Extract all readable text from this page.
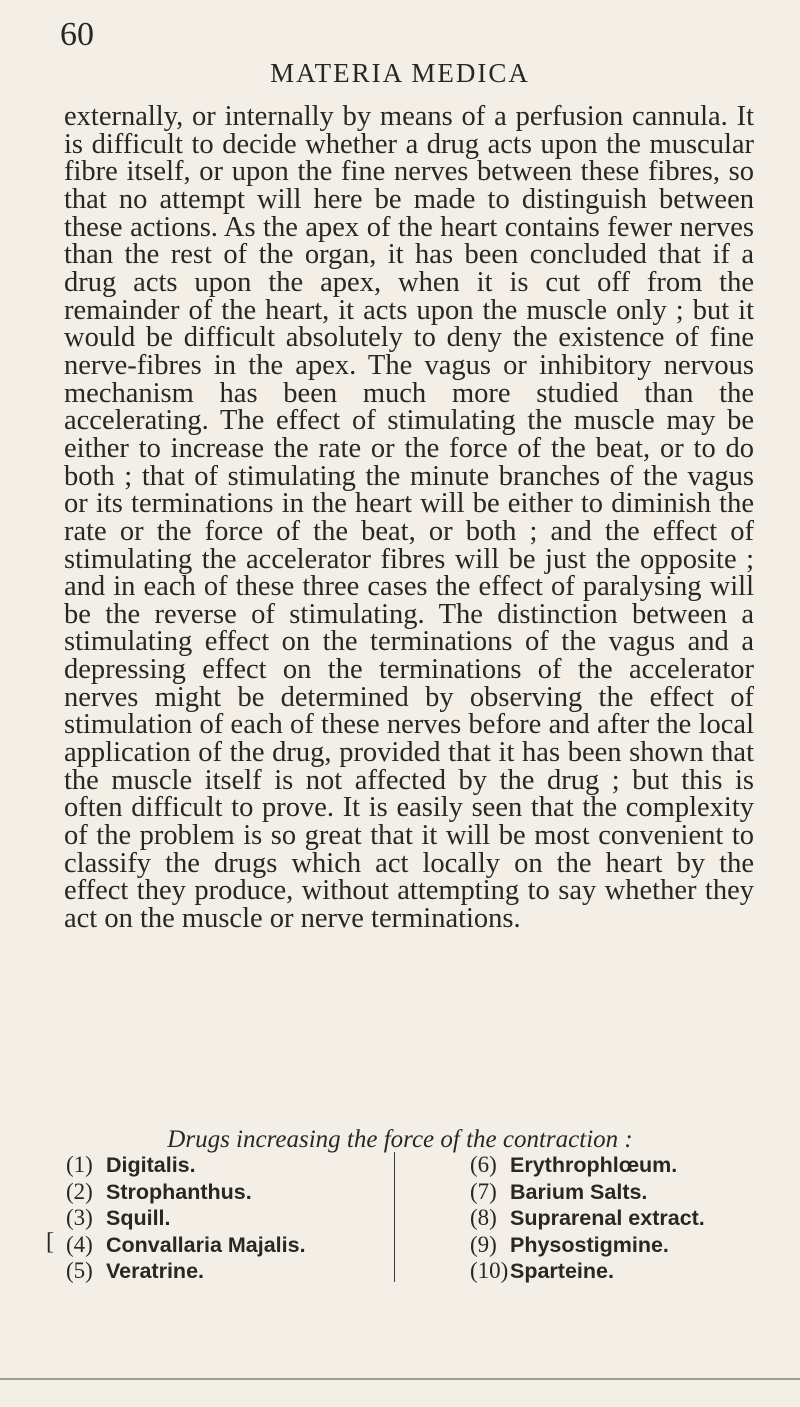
60
MATERIA MEDICA

externally, or internally by means of a perfusion cannula. It is difficult to decide whether a drug acts upon the muscular fibre itself, or upon the fine nerves between these fibres, so that no attempt will here be made to distinguish between these actions. As the apex of the heart contains fewer nerves than the rest of the organ, it has been concluded that if a drug acts upon the apex, when it is cut off from the remainder of the heart, it acts upon the muscle only ; but it would be difficult absolutely to deny the existence of fine nerve-fibres in the apex. The vagus or inhibitory nervous mechanism has been much more studied than the accelerating. The effect of stimulating the muscle may be either to increase the rate or the force of the beat, or to do both ; that of stimulating the minute branches of the vagus or its terminations in the heart will be either to diminish the rate or the force of the beat, or both ; and the effect of stimulating the accelerator fibres will be just the opposite ; and in each of these three cases the effect of paralysing will be the reverse of stimulating. The distinction between a stimulating effect on the terminations of the vagus and a depressing effect on the terminations of the accelerator nerves might be determined by observing the effect of stimulation of each of these nerves before and after the local application of the drug, provided that it has been shown that the muscle itself is not affected by the drug ; but this is often difficult to prove. It is easily seen that the complexity of the problem is so great that it will be most convenient to classify the drugs which act locally on the heart by the effect they produce, without attempting to say whether they act on the muscle or nerve terminations.

Drugs increasing the force of the contraction :

[
(1) Digitalis.
(2) Strophanthus.
(3) Squill.
(4) Convallaria Majalis.
(5) Veratrine.
(6) Erythrophlœum.
(7) Barium Salts.
(8) Suprarenal extract.
(9) Physostigmine.
(10)Sparteine.
